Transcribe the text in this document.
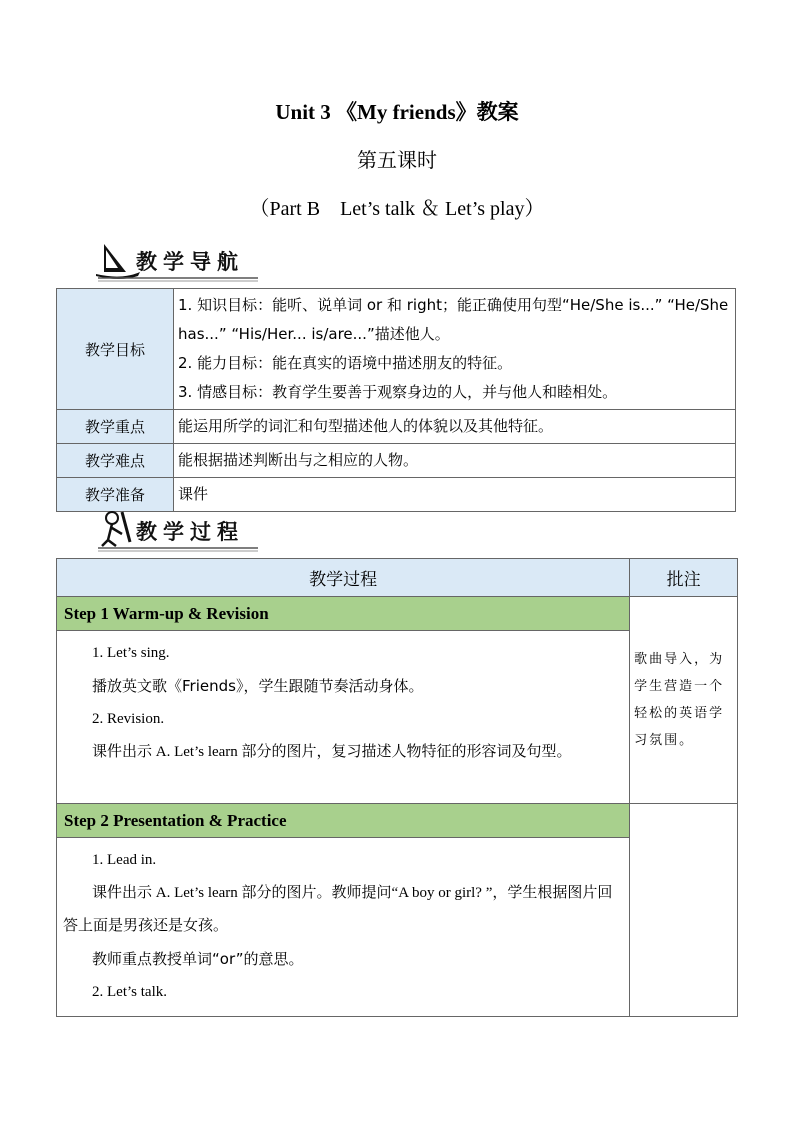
Unit 3 《My friends》教案
第五课时
（Part B　Let’s talk ＆ Let’s play）
教学导航
教学目标	1. 知识目标：能听、说单词 or 和 right；能正确使用句型“He/She is...” “He/She has...” “His/Her... is/are...”描述他人。
2. 能力目标：能在真实的语境中描述朋友的特征。
3. 情感目标：教育学生要善于观察身边的人，并与他人和睦相处。

教学重点	能运用所学的词汇和句型描述他人的体貌以及其他特征。
教学难点	能根据描述判断出与之相应的人物。
教学准备	课件
教学过程
教学过程	批注
Step 1 Warm-up & Revision	歌曲导入，为学生营造一个轻松的英语学习氛围。

1. Let’s sing.

播放英文歌《Friends》，学生跟随节奏活动身体。

2. Revision.

课件出示 A. Let’s learn 部分的图片，复习描述人物特征的形容词及句型。	

Step 2 Presentation & Practice	

1. Lead in.

课件出示 A. Let’s learn 部分的图片。教师提问“A boy or girl? ”，学生根据图片回答上面是男孩还是女孩。

教师重点教授单词“or”的意思。

2. Let’s talk.	
